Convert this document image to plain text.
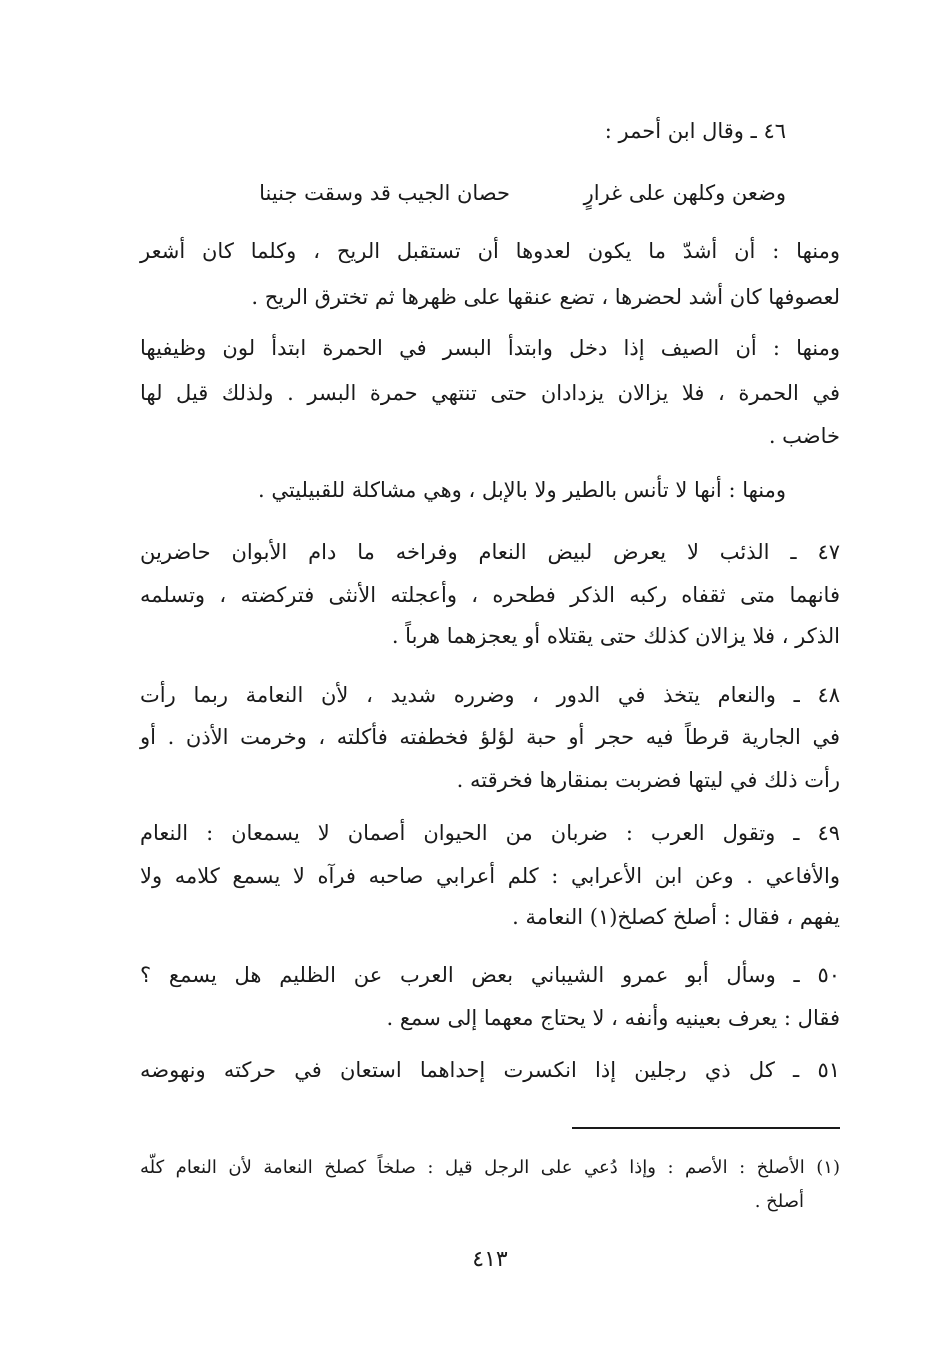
٤٦ ـ وقال ابن أحمر :
وضعن وكلهن على غرارٍ
حصان الجيب قد وسقت جنينا
ومنها : أن أشدّ ما يكون لعدوها أن تستقبل الريح ، وكلما كان أشعر
لعصوفها كان أشد لحضرها ، تضع عنقها على ظهرها ثم تخترق الريح .
ومنها : أن الصيف إذا دخل وابتدأ البسر في الحمرة ابتدأ لون وظيفيها
في الحمرة ، فلا يزالان يزدادان حتى تنتهي حمرة البسر . ولذلك قيل لها
خاضب .
ومنها : أنها لا تأنس بالطير ولا بالإبل ، وهي مشاكلة للقبيليتي .
٤٧ ـ الذئب لا يعرض لبيض النعام وفراخه ما دام الأبوان حاضرين
فانهما متى ثقفاه ركبه الذكر فطحره ، وأعجلته الأنثى فتركضته ، وتسلمه
الذكر ، فلا يزالان كذلك حتى يقتلاه أو يعجزهما هرباً .
٤٨ ـ والنعام يتخذ في الدور ، وضرره شديد ، لأن النعامة ربما رأت
في الجارية قرطاً فيه حجر أو حبة لؤلؤ فخطفته فأكلته ، وخرمت الأذن . أو
رأت ذلك في ليتها فضربت بمنقارها فخرقته .
٤٩ ـ وتقول العرب : ضربان من الحيوان أصمان لا يسمعان : النعام
والأفاعي . وعن ابن الأعرابي : كلم أعرابي صاحبه فرآه لا يسمع كلامه ولا
يفهم ، فقال : أصلخ كصلخ(١) النعامة .
٥٠ ـ وسأل أبو عمرو الشيباني بعض العرب عن الظليم هل يسمع ؟
فقال : يعرف بعينيه وأنفه ، لا يحتاج معهما إلى سمع .
٥١ ـ كل ذي رجلين إذا انكسرت إحداهما استعان في حركته ونهوضه
(١) الأصلخ : الأصم : وإذا دُعي على الرجل قيل : صلخاً كصلخ النعامة لأن النعام كلّه
أصلخ .
٤١٣
